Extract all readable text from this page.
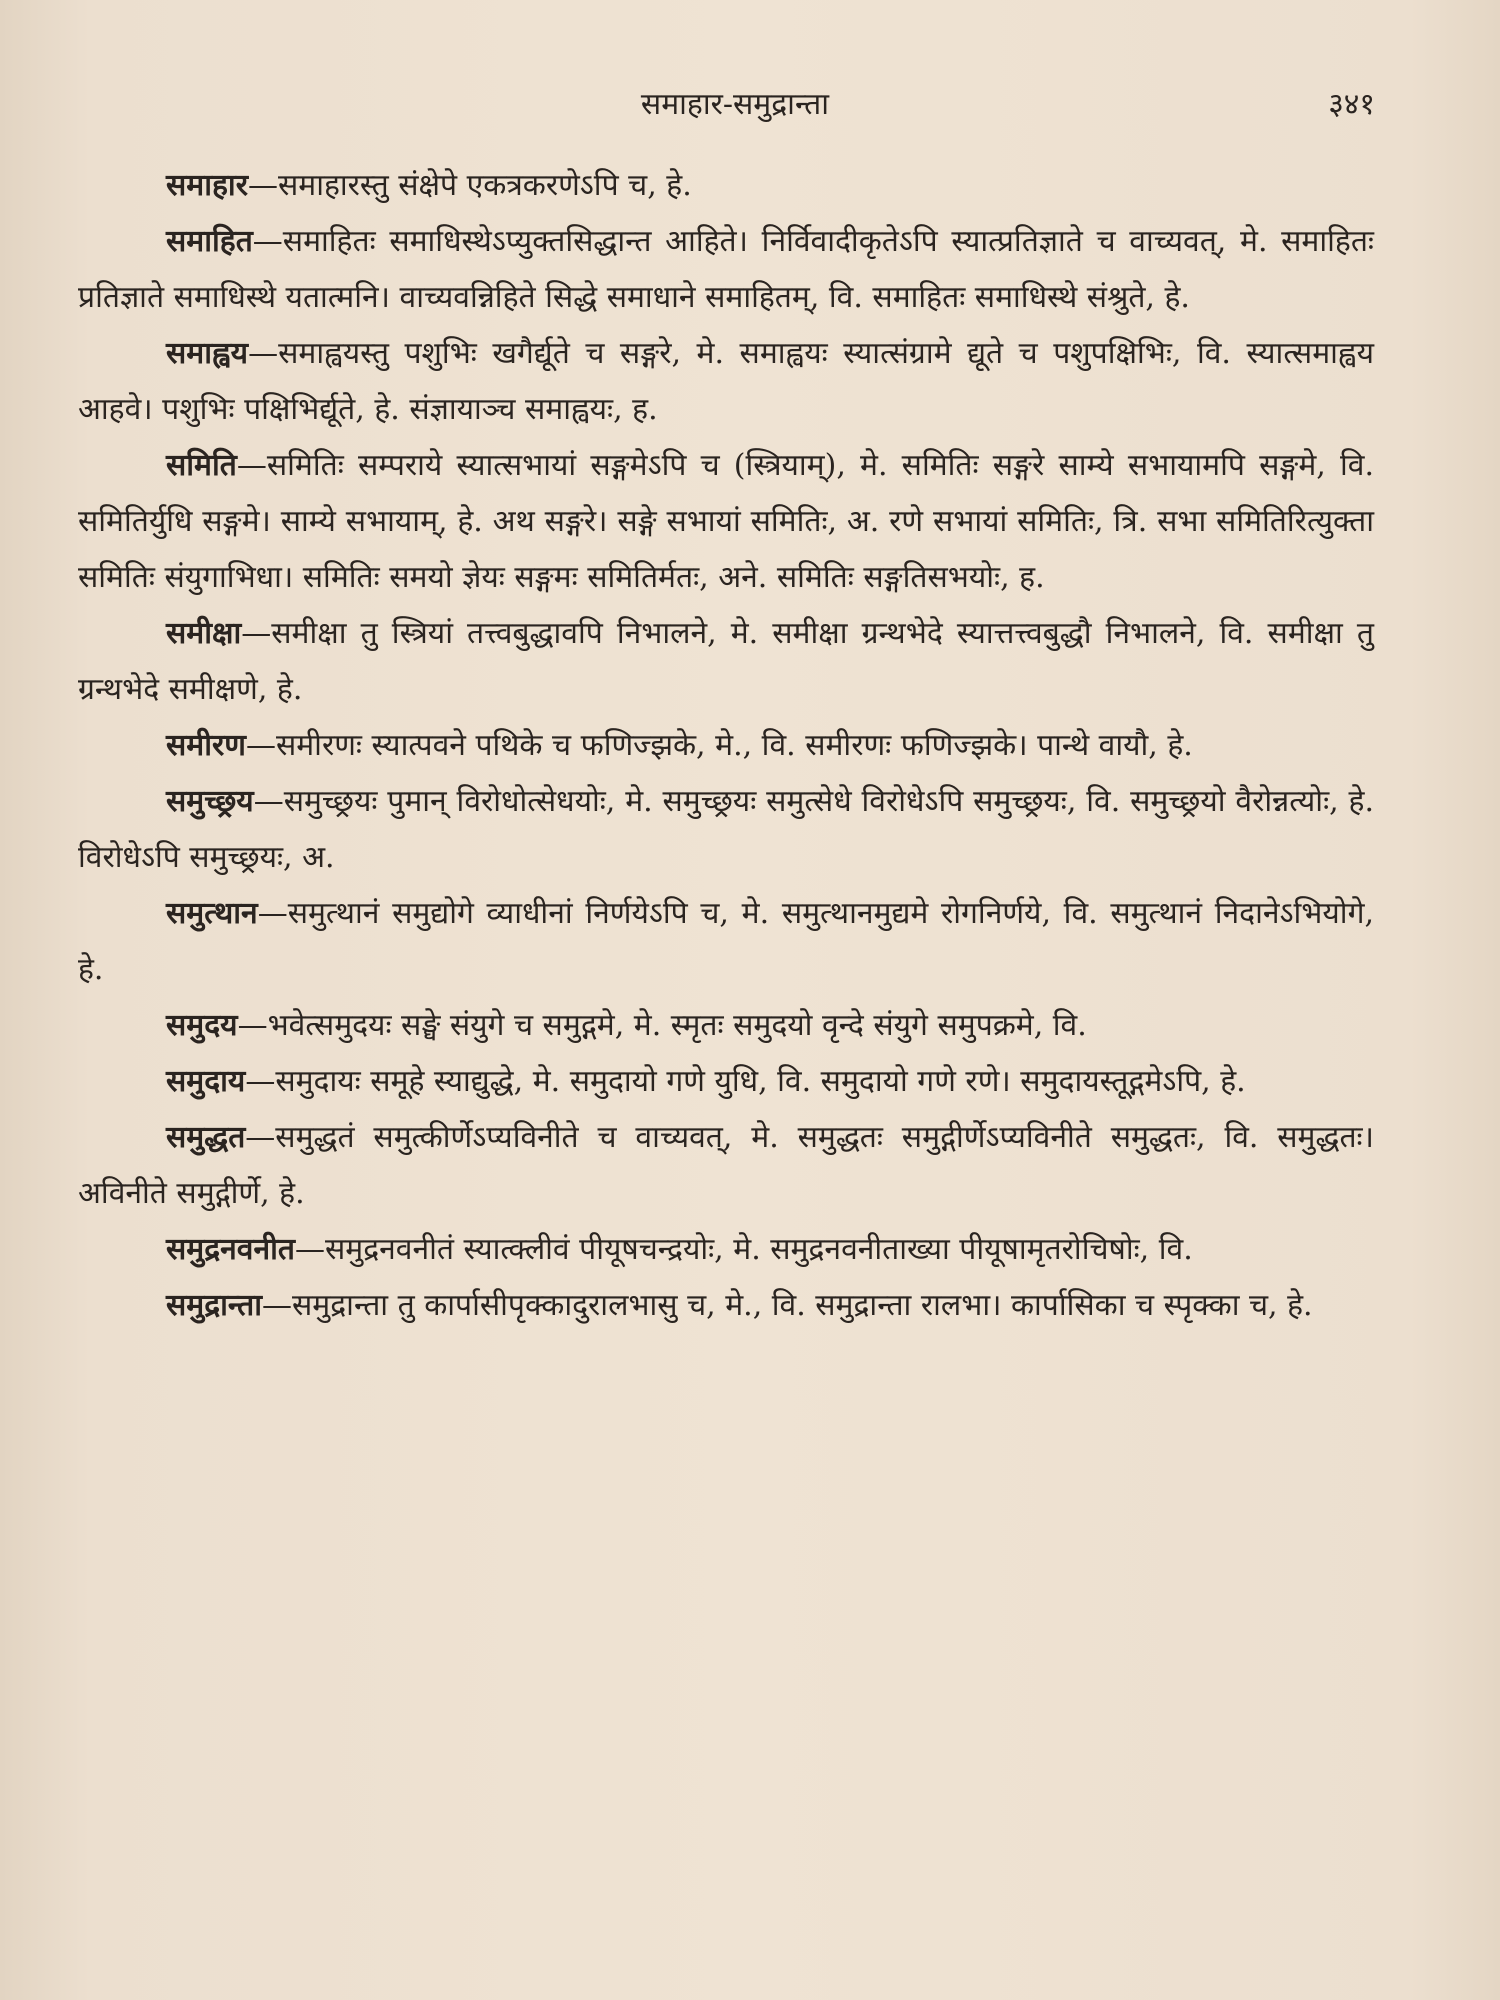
समाहार-समुद्रान्ता	३४१

समाहार—समाहारस्तु संक्षेपे एकत्रकरणेऽपि च, हे.

समाहित—समाहितः समाधिस्थेऽप्युक्तसिद्धान्त आहिते। निर्विवादीकृतेऽपि स्यात्प्रतिज्ञाते च वाच्यवत्, मे. समाहितः प्रतिज्ञाते समाधिस्थे यतात्मनि। वाच्यवन्निहिते सिद्धे समाधाने समाहितम्, वि. समाहितः समाधिस्थे संश्रुते, हे.

समाह्वय—समाह्वयस्तु पशुभिः खगैर्द्यूते च सङ्गरे, मे. समाह्वयः स्यात्संग्रामे द्यूते च पशुपक्षिभिः, वि. स्यात्समाह्वय आहवे। पशुभिः पक्षिभिर्द्यूते, हे. संज्ञायाञ्च समाह्वयः, ह.

समिति—समितिः सम्पराये स्यात्सभायां सङ्गमेऽपि च (स्त्रियाम्), मे. समितिः सङ्गरे साम्ये सभायामपि सङ्गमे, वि. समितिर्युधि सङ्गमे। साम्ये सभायाम्, हे. अथ सङ्गरे। सङ्गे सभायां समितिः, अ. रणे सभायां समितिः, त्रि. सभा समितिरित्युक्ता समितिः संयुगाभिधा। समितिः समयो ज्ञेयः सङ्गमः समितिर्मतः, अने. समितिः सङ्गतिसभयोः, ह.

समीक्षा—समीक्षा तु स्त्रियां तत्त्वबुद्धावपि निभालने, मे. समीक्षा ग्रन्थभेदे स्यात्तत्त्वबुद्धौ निभालने, वि. समीक्षा तु ग्रन्थभेदे समीक्षणे, हे.

समीरण—समीरणः स्यात्पवने पथिके च फणिज्झके, मे., वि. समीरणः फणिज्झके। पान्थे वायौ, हे.

समुच्छ्रय—समुच्छ्रयः पुमान् विरोधोत्सेधयोः, मे. समुच्छ्रयः समुत्सेधे विरोधेऽपि समुच्छ्रयः, वि. समुच्छ्रयो वैरोन्नत्योः, हे. विरोधेऽपि समुच्छ्रयः, अ.

समुत्थान—समुत्थानं समुद्योगे व्याधीनां निर्णयेऽपि च, मे. समुत्थानमुद्यमे रोगनिर्णये, वि. समुत्थानं निदानेऽभियोगे, हे.

समुदय—भवेत्समुदयः सङ्घे संयुगे च समुद्गमे, मे. स्मृतः समुदयो वृन्दे संयुगे समुपक्रमे, वि.

समुदाय—समुदायः समूहे स्याद्युद्धे, मे. समुदायो गणे युधि, वि. समुदायो गणे रणे। समुदायस्तूद्गमेऽपि, हे.

समुद्धत—समुद्धतं समुत्कीर्णेऽप्यविनीते च वाच्यवत्, मे. समुद्धतः समुद्गीर्णेऽप्यविनीते समुद्धतः, वि. समुद्धतः। अविनीते समुद्गीर्णे, हे.

समुद्रनवनीत—समुद्रनवनीतं स्यात्क्लीवं पीयूषचन्द्रयोः, मे. समुद्रनवनीताख्या पीयूषामृतरोचिषोः, वि.

समुद्रान्ता—समुद्रान्ता तु कार्पासीपृक्कादुरालभासु च, मे., वि. समुद्रान्ता रालभा। कार्पासिका च स्पृक्का च, हे.
